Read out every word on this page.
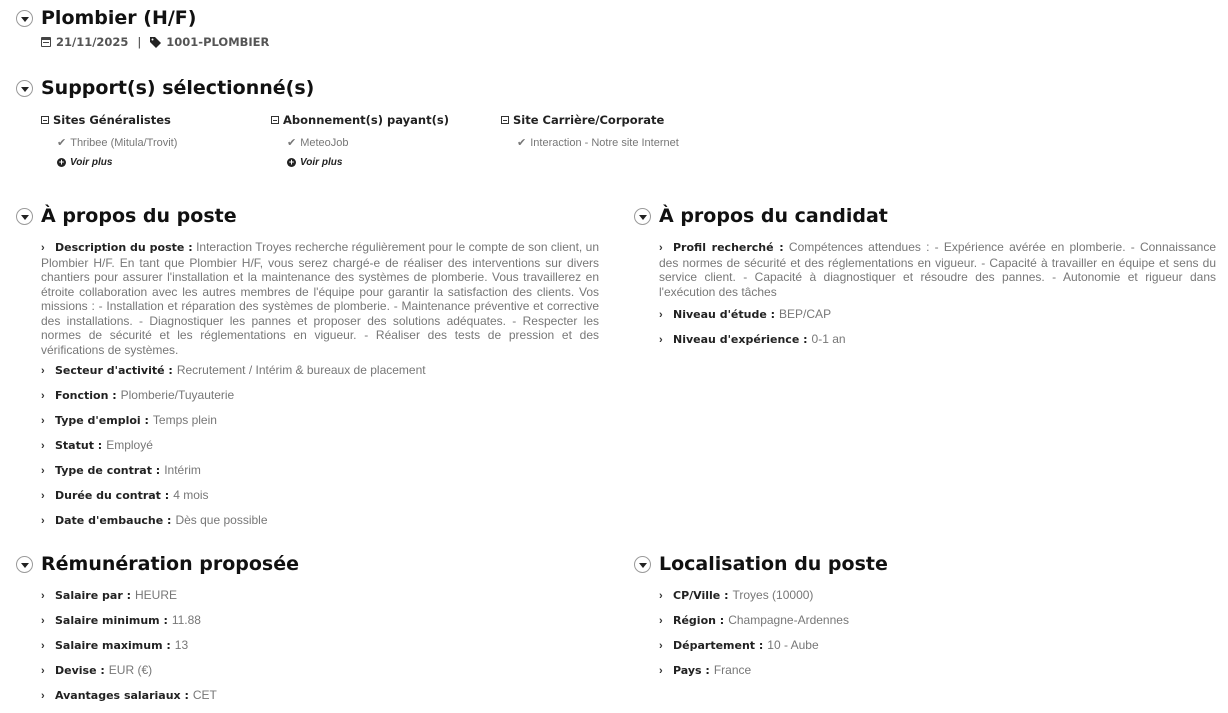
Plombier (H/F)
21/11/2025 | 1001-PLOMBIER
Support(s) sélectionné(s)
Sites Généralistes
✔ Thribee (Mitula/Trovit)
+ Voir plus
Abonnement(s) payant(s)
✔ MeteoJob
+ Voir plus
Site Carrière/Corporate
✔ Interaction - Notre site Internet
À propos du poste
› Description du poste : Interaction Troyes recherche régulièrement pour le compte de son client, un Plombier H/F. En tant que Plombier H/F, vous serez chargé-e de réaliser des interventions sur divers chantiers pour assurer l'installation et la maintenance des systèmes de plomberie. Vous travaillerez en étroite collaboration avec les autres membres de l'équipe pour garantir la satisfaction des clients. Vos missions : - Installation et réparation des systèmes de plomberie. - Maintenance préventive et corrective des installations. - Diagnostiquer les pannes et proposer des solutions adéquates. - Respecter les normes de sécurité et les réglementations en vigueur. - Réaliser des tests de pression et des vérifications de systèmes.
› Secteur d'activité : Recrutement / Intérim & bureaux de placement
› Fonction : Plomberie/Tuyauterie
› Type d'emploi : Temps plein
› Statut : Employé
› Type de contrat : Intérim
› Durée du contrat : 4 mois
› Date d'embauche : Dès que possible
À propos du candidat
› Profil recherché : Compétences attendues : - Expérience avérée en plomberie. - Connaissance des normes de sécurité et des réglementations en vigueur. - Capacité à travailler en équipe et sens du service client. - Capacité à diagnostiquer et résoudre des pannes. - Autonomie et rigueur dans l'exécution des tâches
› Niveau d'étude : BEP/CAP
› Niveau d'expérience : 0-1 an
Rémunération proposée
› Salaire par : HEURE
› Salaire minimum : 11.88
› Salaire maximum : 13
› Devise : EUR (€)
› Avantages salariaux : CET
Localisation du poste
› CP/Ville : Troyes (10000)
› Région : Champagne-Ardennes
› Département : 10 - Aube
› Pays : France
